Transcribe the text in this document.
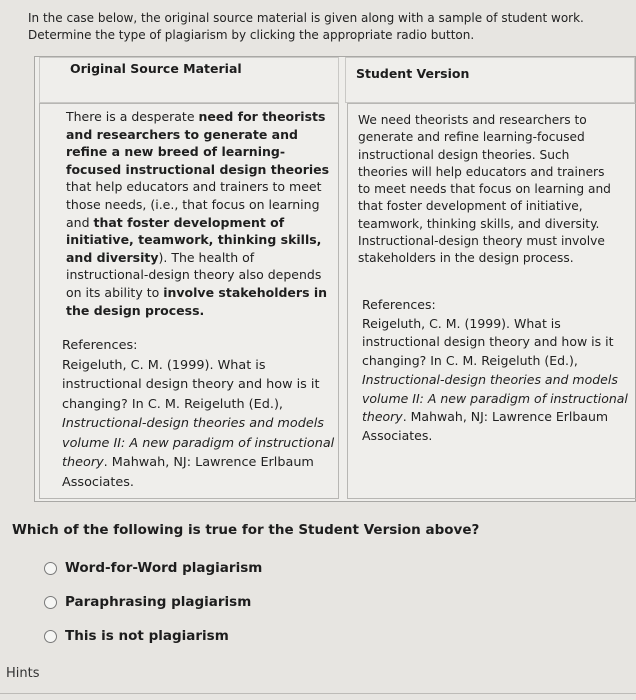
In the case below, the original source material is given along with a sample of student work.
Determine the type of plagiarism by clicking the appropriate radio button.
Original Source Material	Student Version
There is a desperate need for theorists and researchers to generate and refine a new breed of learning-focused instructional design theories that help educators and trainers to meet those needs, (i.e., that focus on learning and that foster development of initiative, teamwork, thinking skills, and diversity). The health of instructional-design theory also depends on its ability to involve stakeholders in the design process.
References:
Reigeluth, C. M. (1999). What is instructional design theory and how is it changing? In C. M. Reigeluth (Ed.), Instructional-design theories and models volume II: A new paradigm of instructional theory. Mahwah, NJ: Lawrence Erlbaum Associates.
We need theorists and researchers to generate and refine learning-focused instructional design theories. Such theories will help educators and trainers to meet needs that focus on learning and that foster development of initiative, teamwork, thinking skills, and diversity. Instructional-design theory must involve stakeholders in the design process.
References:
Reigeluth, C. M. (1999). What is instructional design theory and how is it changing? In C. M. Reigeluth (Ed.), Instructional-design theories and models volume II: A new paradigm of instructional theory. Mahwah, NJ: Lawrence Erlbaum Associates.
Which of the following is true for the Student Version above?
Word-for-Word plagiarism
Paraphrasing plagiarism
This is not plagiarism
Hints
